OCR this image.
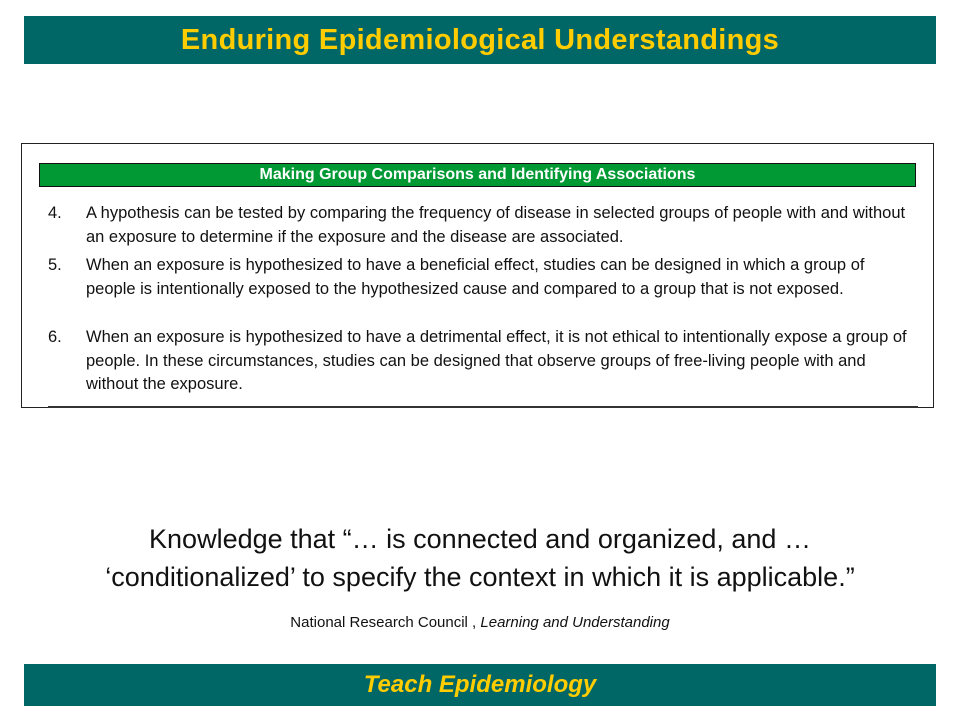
Enduring Epidemiological Understandings
Making Group Comparisons and Identifying Associations
4.	A hypothesis can be tested by comparing the frequency of disease in selected groups of people with and without an exposure to determine if the exposure and the disease are associated.
5.	When an exposure is hypothesized to have a beneficial effect, studies can be designed in which a group of people is intentionally exposed to the hypothesized cause and compared to a group that is not exposed.
6.	When an exposure is hypothesized to have a detrimental effect, it is not ethical to intentionally expose a group of people. In these circumstances, studies can be designed that observe groups of free-living people with and without the exposure.
Knowledge that “… is connected and organized, and …
‘conditionalized’ to specify the context in which it is applicable.”
National Research Council , Learning and Understanding
Teach Epidemiology
